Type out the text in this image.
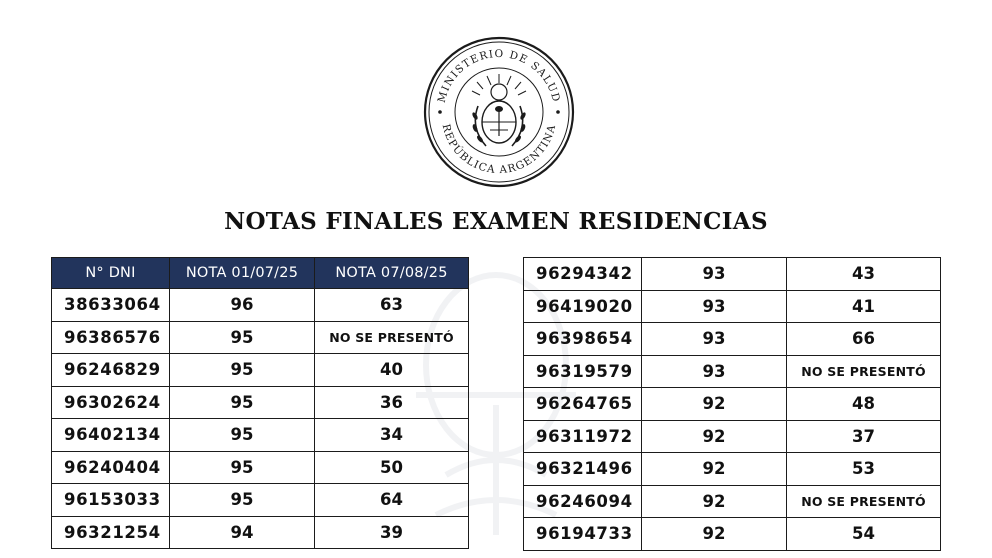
MINISTERIO DE SALUD
REPÚBLICA ARGENTINA
NOTAS FINALES EXAMEN RESIDENCIAS
N° DNI	NOTA 01/07/25	NOTA 07/08/25
38633064	96	63
96386576	95	NO SE PRESENTÓ
96246829	95	40
96302624	95	36
96402134	95	34
96240404	95	50
96153033	95	64
96321254	94	39
96294342	93	43
96419020	93	41
96398654	93	66
96319579	93	NO SE PRESENTÓ
96264765	92	48
96311972	92	37
96321496	92	53
96246094	92	NO SE PRESENTÓ
96194733	92	54
